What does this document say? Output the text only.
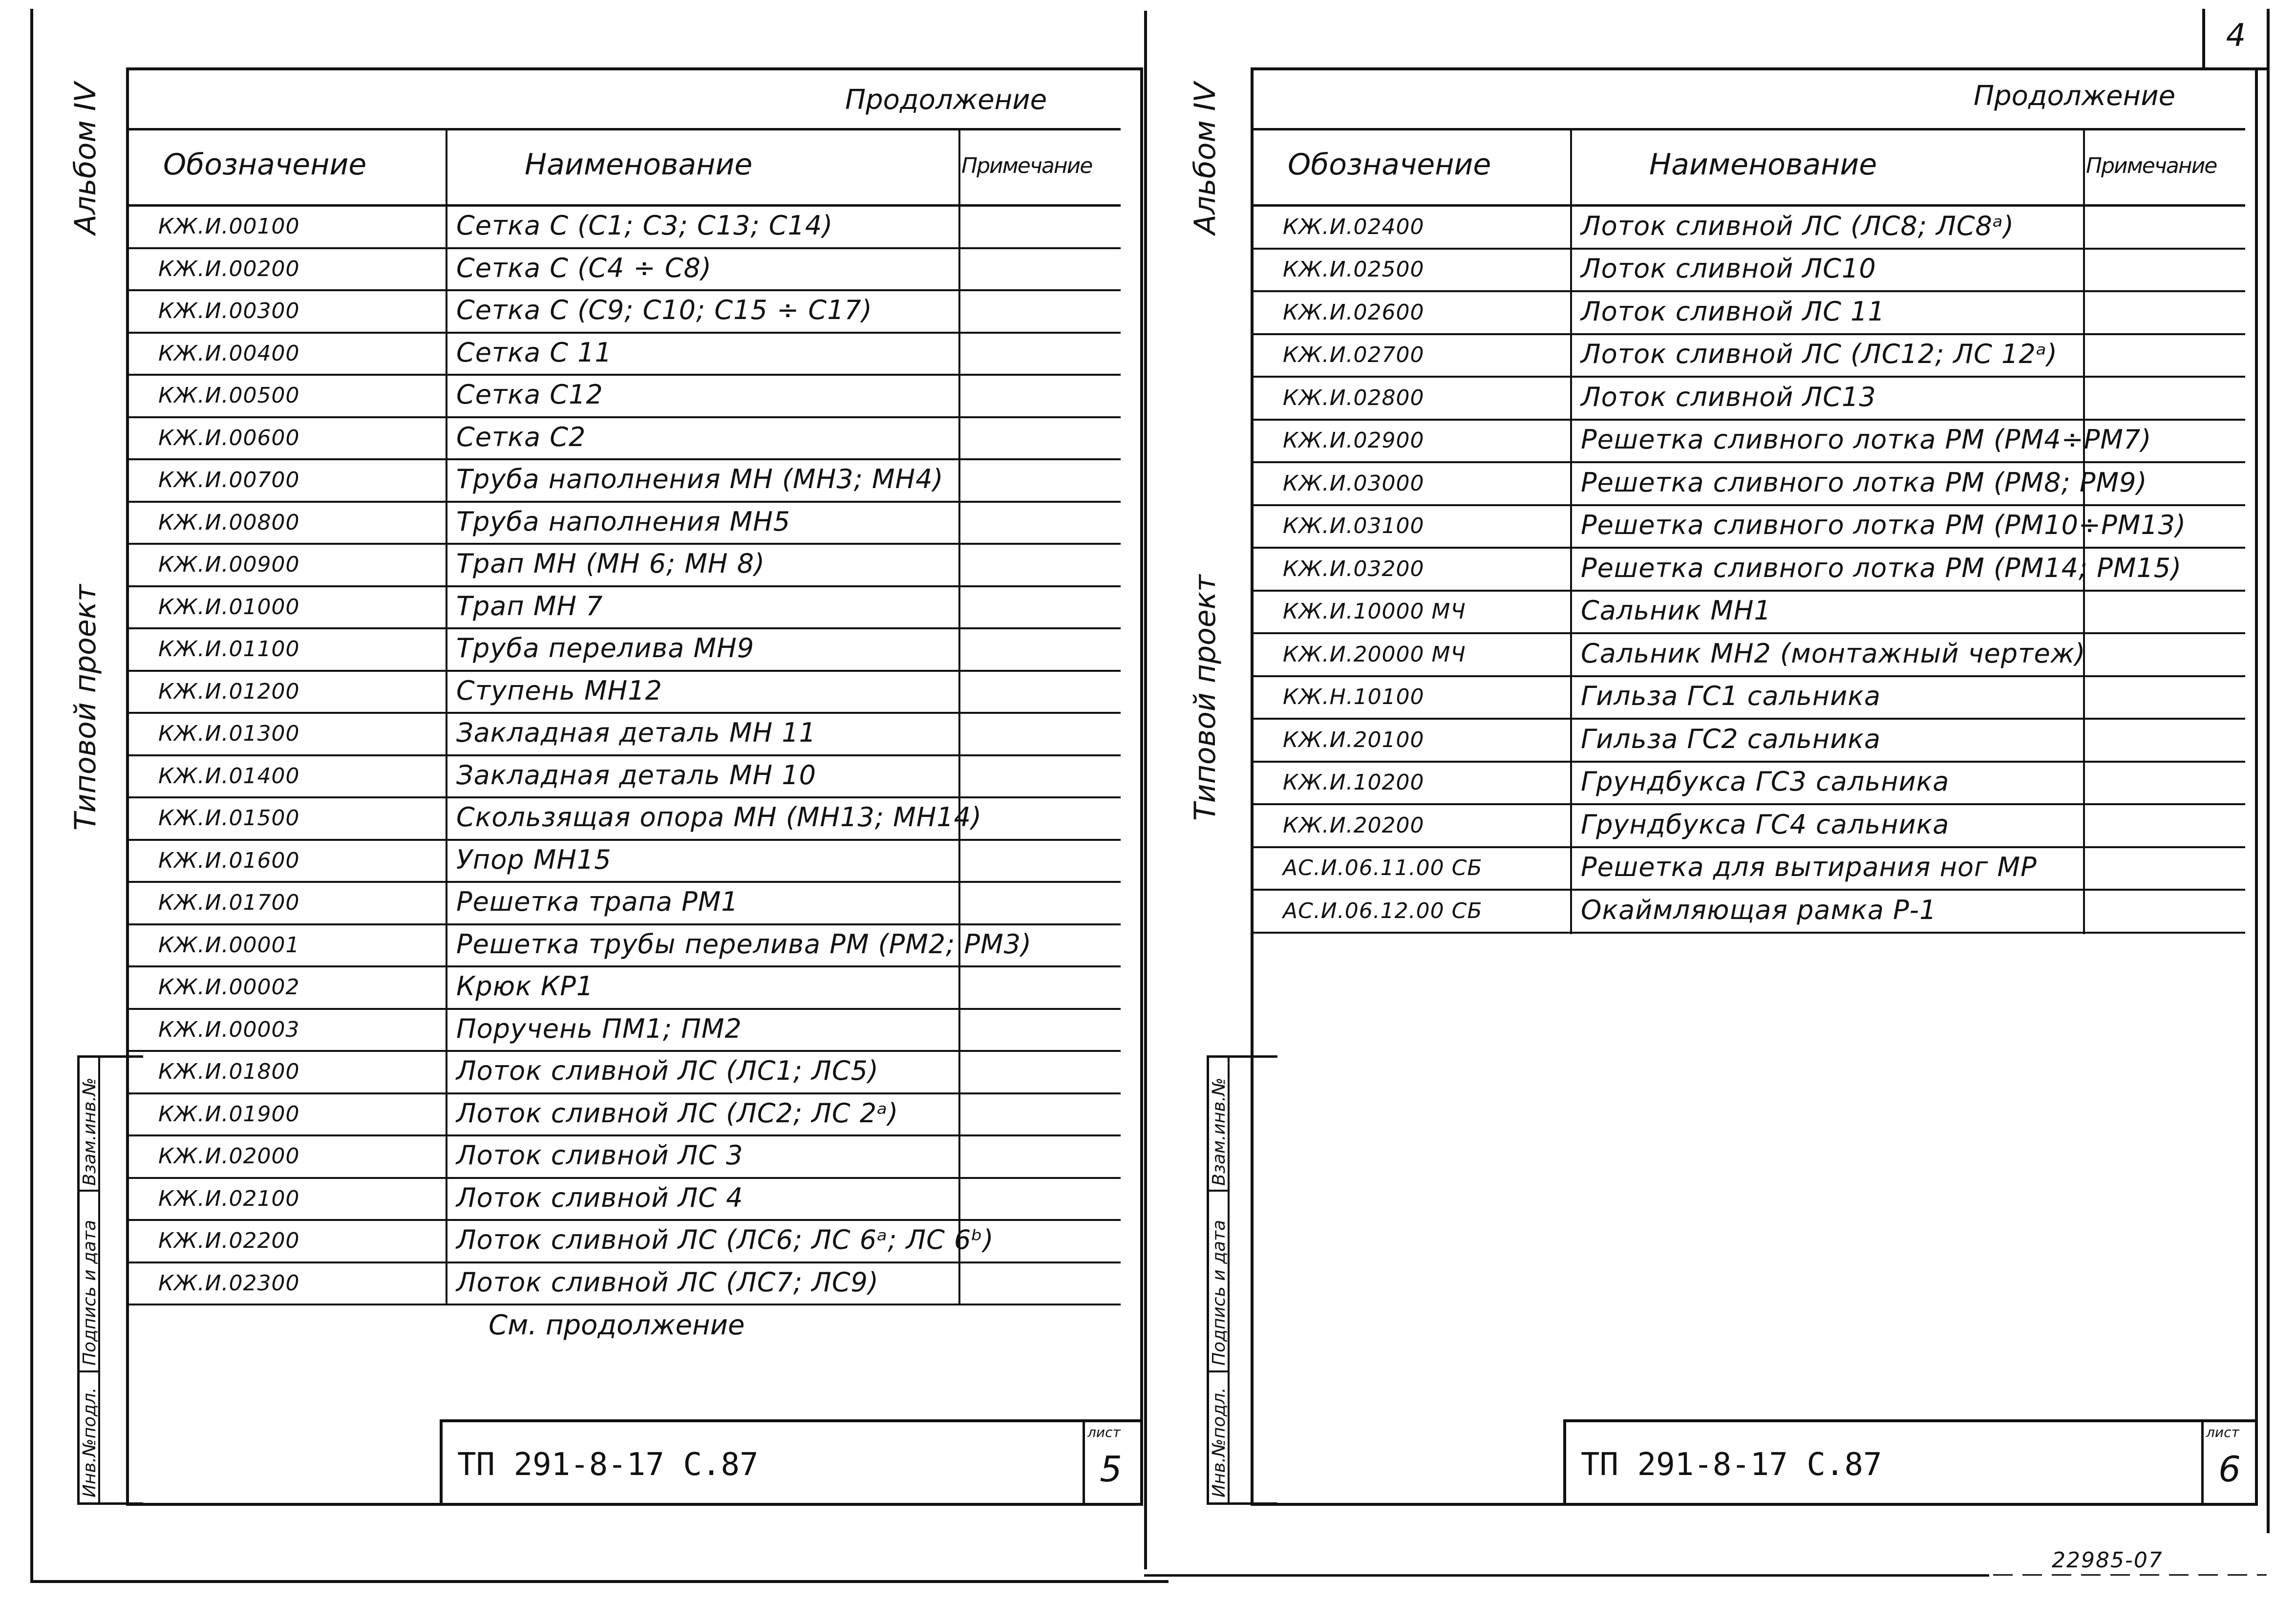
4
22985-07
Альбом IV
Типовой проект
Инв.№подл.
Подпись и дата
Взам.инв.№
Продолжение
Обозначение	Наименование	Примечание
КЖ.И.00100	Сетка С (С1; С3; С13; С14)
КЖ.И.00200	Сетка С (С4 ÷ С8)
КЖ.И.00300	Сетка С (С9; С10; С15 ÷ С17)
КЖ.И.00400	Сетка С 11
КЖ.И.00500	Сетка С12
КЖ.И.00600	Сетка С2
КЖ.И.00700	Труба наполнения МН (МН3; МН4)
КЖ.И.00800	Труба наполнения МН5
КЖ.И.00900	Трап МН (МН 6; МН 8)
КЖ.И.01000	Трап МН 7
КЖ.И.01100	Труба перелива МН9
КЖ.И.01200	Ступень МН12
КЖ.И.01300	Закладная деталь МН 11
КЖ.И.01400	Закладная деталь МН 10
КЖ.И.01500	Скользящая опора МН (МН13; МН14)
КЖ.И.01600	Упор МН15
КЖ.И.01700	Решетка трапа РМ1
КЖ.И.00001	Решетка трубы перелива РМ (РМ2; РМ3)
КЖ.И.00002	Крюк КР1
КЖ.И.00003	Поручень ПМ1; ПМ2
КЖ.И.01800	Лоток сливной ЛС (ЛС1; ЛС5)
КЖ.И.01900	Лоток сливной ЛС (ЛС2; ЛС 2ᵃ)
КЖ.И.02000	Лоток сливной ЛС 3
КЖ.И.02100	Лоток сливной ЛС 4
КЖ.И.02200	Лоток сливной ЛС (ЛС6; ЛС 6ᵃ; ЛС 6ᵇ)
КЖ.И.02300	Лоток сливной ЛС (ЛС7; ЛС9)
См. продолжение
ТП 291-8-17 С.87
лист
5
Альбом IV
Типовой проект
Инв.№подл.
Подпись и дата
Взам.инв.№
Продолжение
Обозначение	Наименование	Примечание
КЖ.И.02400	Лоток сливной ЛС (ЛС8; ЛС8ᵃ)
КЖ.И.02500	Лоток сливной ЛС10
КЖ.И.02600	Лоток сливной ЛС 11
КЖ.И.02700	Лоток сливной ЛС (ЛС12; ЛС 12ᵃ)
КЖ.И.02800	Лоток сливной ЛС13
КЖ.И.02900	Решетка сливного лотка РМ (РМ4÷РМ7)
КЖ.И.03000	Решетка сливного лотка РМ (РМ8; РМ9)
КЖ.И.03100	Решетка сливного лотка РМ (РМ10÷РМ13)
КЖ.И.03200	Решетка сливного лотка РМ (РМ14; РМ15)
КЖ.И.10000 МЧ	Сальник МН1
КЖ.И.20000 МЧ	Сальник МН2 (монтажный чертеж)
КЖ.Н.10100	Гильза ГС1 сальника
КЖ.И.20100	Гильза ГС2 сальника
КЖ.И.10200	Грундбукса ГС3 сальника
КЖ.И.20200	Грундбукса ГС4 сальника
АС.И.06.11.00 СБ	Решетка для вытирания ног МР
АС.И.06.12.00 СБ	Окаймляющая рамка Р-1
ТП 291-8-17 С.87
лист
6
